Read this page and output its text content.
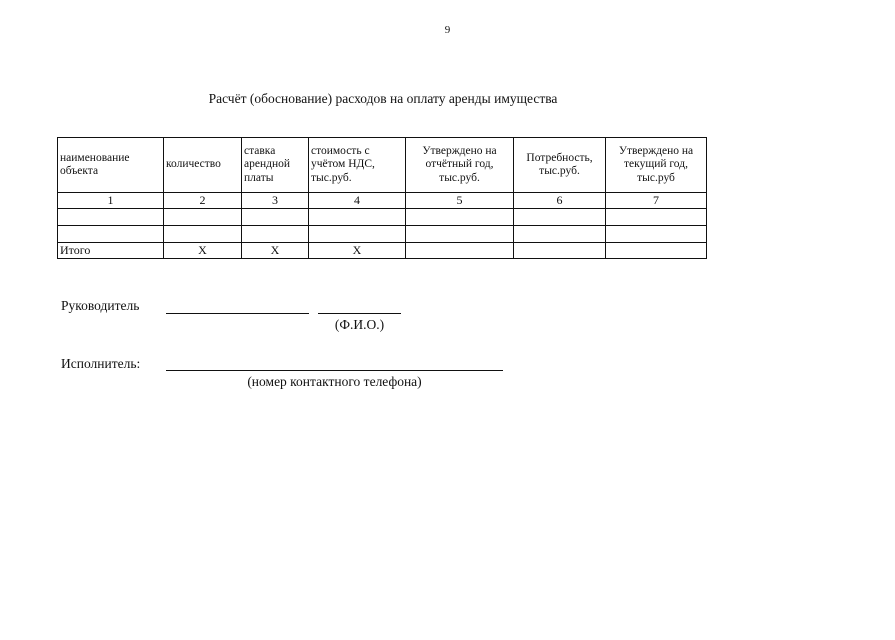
9
Расчёт (обоснование) расходов на оплату аренды имущества
наименование объекта	количество	ставка арендной платы	стоимость с учётом НДС, тыс.руб.	Утверждено на отчётный год, тыс.руб.	Потребность, тыс.руб.	Утверждено на текущий год, тыс.руб
1	2	3	4	5	6	7

Итого	Х	Х	Х			
Руководитель
(Ф.И.О.)
Исполнитель:
(номер контактного телефона)
